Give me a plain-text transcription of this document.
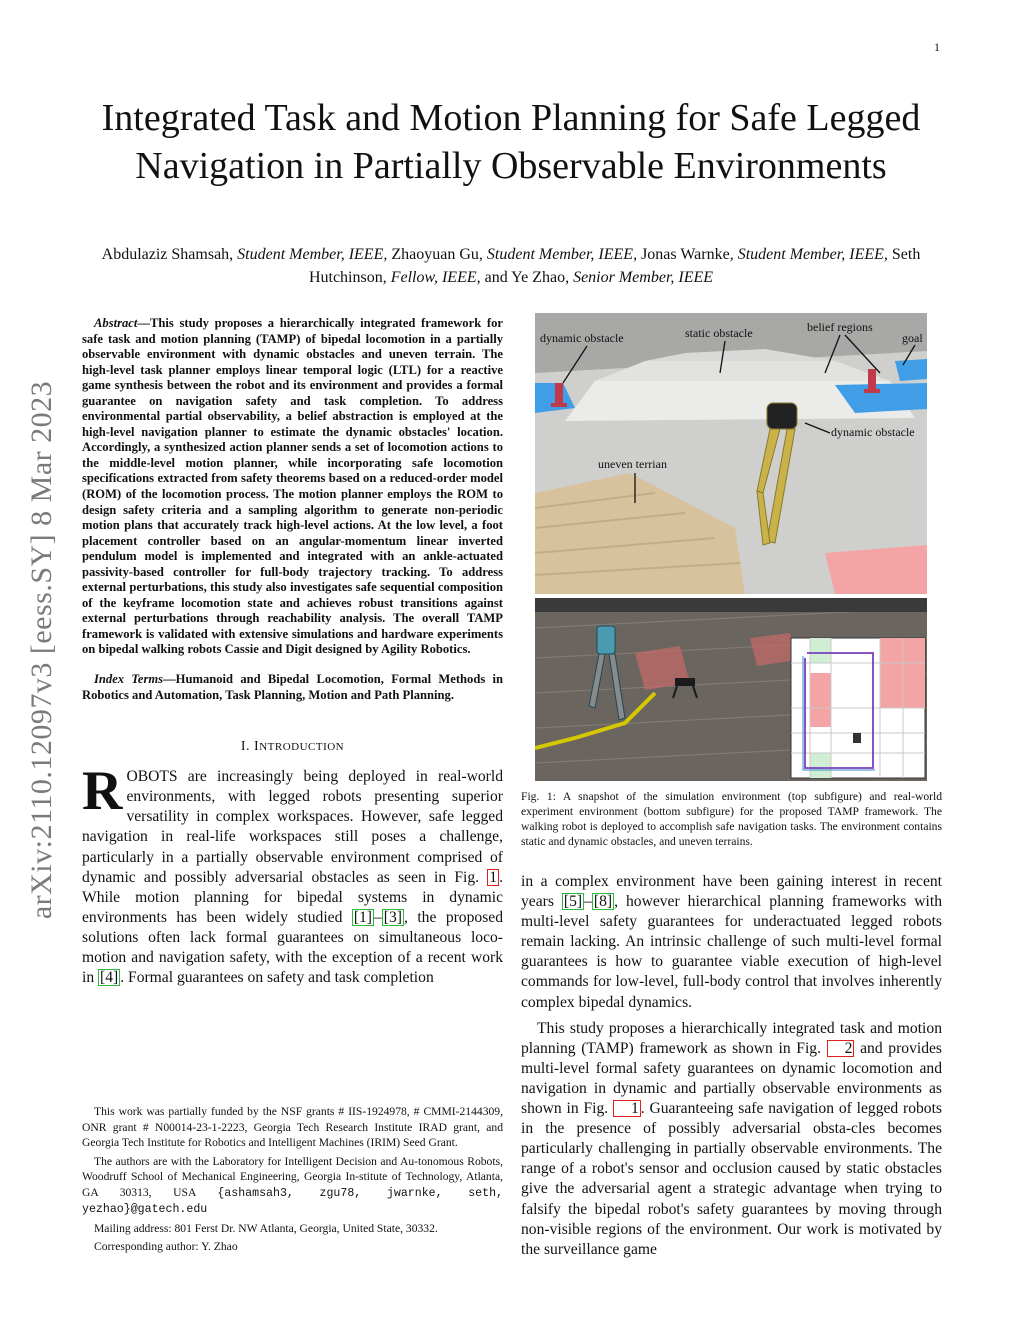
1
arXiv:2110.12097v3 [eess.SY] 8 Mar 2023
Integrated Task and Motion Planning for Safe Legged Navigation in Partially Observable Environments

Abdulaziz Shamsah, Student Member, IEEE, Zhaoyuan Gu, Student Member, IEEE, Jonas Warnke, Student Member, IEEE, Seth Hutchinson, Fellow, IEEE, and Ye Zhao, Senior Member, IEEE

Abstract—This study proposes a hierarchically integrated framework for safe task and motion planning (TAMP) of bipedal locomotion in a partially observable environment with dynamic obstacles and uneven terrain. The high-level task planner employs linear temporal logic (LTL) for a reactive game synthesis between the robot and its environment and provides a formal guarantee on navigation safety and task completion. To address environmental partial observability, a belief abstraction is employed at the high-level navigation planner to estimate the dynamic obstacles' location. Accordingly, a synthesized action planner sends a set of locomotion actions to the middle-level motion planner, while incorporating safe locomotion specifications extracted from safety theorems based on a reduced-order model (ROM) of the locomotion process. The motion planner employs the ROM to design safety criteria and a sampling algorithm to generate non-periodic motion plans that accurately track high-level actions. At the low level, a foot placement controller based on an angular-momentum linear inverted pendulum model is implemented and integrated with an ankle-actuated passivity-based controller for full-body trajectory tracking. To address external perturbations, this study also investigates safe sequential composition of the keyframe locomotion state and achieves robust transitions against external perturbations through reachability analysis. The overall TAMP framework is validated with extensive simulations and hardware experiments on bipedal walking robots Cassie and Digit designed by Agility Robotics.

Index Terms—Humanoid and Bipedal Locomotion, Formal Methods in Robotics and Automation, Task Planning, Motion and Path Planning.

I. INTRODUCTION

ROBOTS are increasingly being deployed in real-world environments, with legged robots presenting superior versatility in complex workspaces. However, safe legged navigation in real-life workspaces still poses a challenge, particularly in a partially observable environment comprised of dynamic and possibly adversarial obstacles as seen in Fig. 1 . While motion planning for bipedal systems in dynamic environments has been widely studied [1] – [3] , the proposed solutions often lack formal guarantees on simultaneous loco-motion and navigation safety, with the exception of a recent work in [4] . Formal guarantees on safety and task completion

This work was partially funded by the NSF grants # IIS-1924978, # CMMI-2144309, ONR grant # N00014-23-1-2223, Georgia Tech Research Institute IRAD grant, and Georgia Tech Institute for Robotics and Intelligent Machines (IRIM) Seed Grant.

The authors are with the Laboratory for Intelligent Decision and Au-tonomous Robots, Woodruff School of Mechanical Engineering, Georgia In-stitute of Technology, Atlanta, GA 30313, USA {ashamsah3, zgu78, jwarnke, seth, yezhao}@gatech.edu

Mailing address: 801 Ferst Dr. NW Atlanta, Georgia, United State, 30332.

Corresponding author: Y. Zhao

dynamic obstacle	static obstacle	belief regions
goal
dynamic obstacle
uneven terrian

Fig. 1: A snapshot of the simulation environment (top subfigure) and real-world experiment environment (bottom subfigure) for the proposed TAMP framework. The walking robot is deployed to accomplish safe navigation tasks. The environment contains static and dynamic obstacles, and uneven terrains.

in a complex environment have been gaining interest in recent years [5] – [8] , however hierarchical planning frameworks with multi-level safety guarantees for underactuated legged robots remain lacking. An intrinsic challenge of such multi-level formal guarantees is how to guarantee viable execution of high-level commands for low-level, full-body control that involves inherently complex bipedal dynamics.

This study proposes a hierarchically integrated task and motion planning (TAMP) framework as shown in Fig. 2 and provides multi-level formal safety guarantees on dynamic locomotion and navigation in dynamic and partially observable environments as shown in Fig. 1 . Guaranteeing safe navigation of legged robots in the presence of possibly adversarial obsta-cles becomes particularly challenging in partially observable environments. The range of a robot's sensor and occlusion caused by static obstacles give the adversarial agent a strategic advantage when trying to falsify the bipedal robot's safety guarantees by moving through non-visible regions of the environment. Our work is motivated by the surveillance game
